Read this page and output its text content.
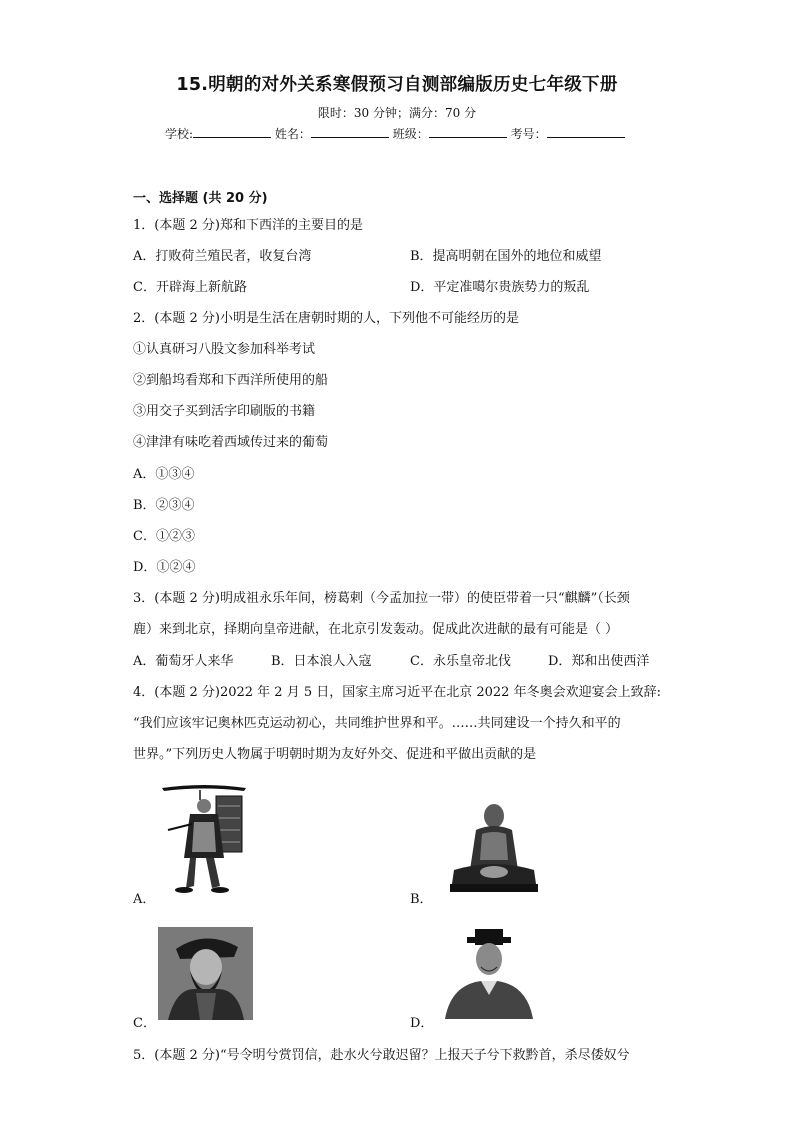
15.明朝的对外关系寒假预习自测部编版历史七年级下册
限时：30 分钟；满分：70 分
学校:	姓名：	班级：	考号：
一、选择题 (共 20 分)
1．(本题 2 分)郑和下西洋的主要目的是
A．打败荷兰殖民者，收复台湾	B．提高明朝在国外的地位和威望
C．开辟海上新航路	D．平定准噶尔贵族势力的叛乱
2．(本题 2 分)小明是生活在唐朝时期的人，下列他不可能经历的是
①认真研习八股文参加科举考试
②到船坞看郑和下西洋所使用的船
③用交子买到活字印刷版的书籍
④津津有味吃着西域传过来的葡萄
A．①③④
B．②③④
C．①②③
D．①②④
3．(本题 2 分)明成祖永乐年间，榜葛剌（今孟加拉一带）的使臣带着一只“麒麟”（长颈
鹿）来到北京，择期向皇帝进献，在北京引发轰动。促成此次进献的最有可能是（ ）
A．葡萄牙人来华	B．日本浪人入寇	C．永乐皇帝北伐	D．郑和出使西洋
4．(本题 2 分)2022 年 2 月 5 日，国家主席习近平在北京 2022 年冬奥会欢迎宴会上致辞:
“我们应该牢记奥林匹克运动初心，共同维护世界和平。……共同建设一个持久和平的
世界。”下列历史人物属于明朝时期为友好外交、促进和平做出贡献的是
A．	B．
C．	D．
5．(本题 2 分)“号令明兮赏罚信，赴水火兮敢迟留？上报天子兮下救黔首，杀尽倭奴兮
